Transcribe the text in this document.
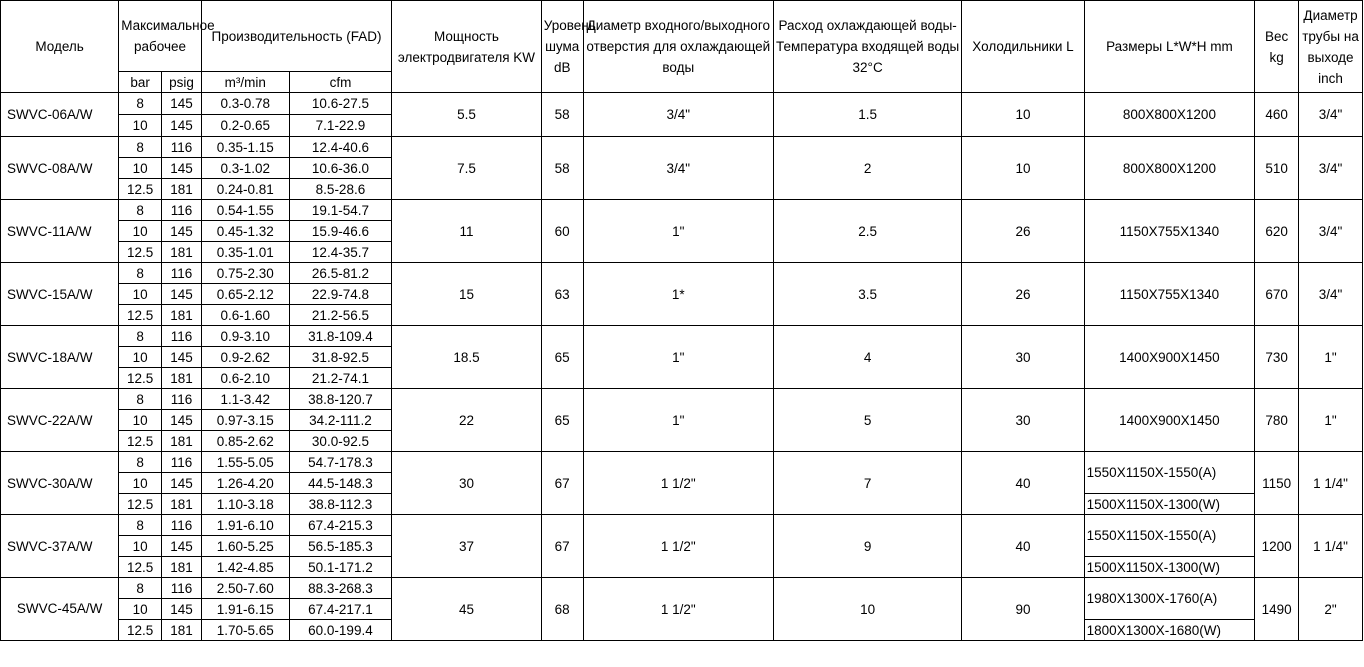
Модель	Максимальное рабочее		Производительность (FAD)		Мощность электродвигателя KW	Уровень шума dB	Диаметр входного/выходного отверстия для охлаждающей воды	Расход охлаждающей воды-Температура входящей воды 32°C	Холодильники L	Размеры L*W*H mm	Вес kg	Диаметр трубы на выходе inch
	bar	psig	m³/min	cfm								
SWVC-06A/W	8	145	0.3-0.78	10.6-27.5	5.5	58	3/4"	1.5	10	800X800X1200	460	3/4"
	10	145	0.2-0.65	7.1-22.9								
SWVC-08A/W	8	116	0.35-1.15	12.4-40.6	7.5	58	3/4"	2	10	800X800X1200	510	3/4"
	10	145	0.3-1.02	10.6-36.0								
	12.5	181	0.24-0.81	8.5-28.6								
SWVC-11A/W	8	116	0.54-1.55	19.1-54.7	11	60	1"	2.5	26	1150X755X1340	620	3/4"
	10	145	0.45-1.32	15.9-46.6								
	12.5	181	0.35-1.01	12.4-35.7								
SWVC-15A/W	8	116	0.75-2.30	26.5-81.2	15	63	1*	3.5	26	1150X755X1340	670	3/4"
	10	145	0.65-2.12	22.9-74.8								
	12.5	181	0.6-1.60	21.2-56.5								
SWVC-18A/W	8	116	0.9-3.10	31.8-109.4	18.5	65	1"	4	30	1400X900X1450	730	1"
	10	145	0.9-2.62	31.8-92.5								
	12.5	181	0.6-2.10	21.2-74.1								
SWVC-22A/W	8	116	1.1-3.42	38.8-120.7	22	65	1"	5	30	1400X900X1450	780	1"
	10	145	0.97-3.15	34.2-111.2								
	12.5	181	0.85-2.62	30.0-92.5								
SWVC-30A/W	8	116	1.55-5.05	54.7-178.3	30	67	1 1/2"	7	40	1550X1150X-1550(A)	1150	1 1/4"
	10	145	1.26-4.20	44.5-148.3								
	12.5	181	1.10-3.18	38.8-112.3						1500X1150X-1300(W)		
SWVC-37A/W	8	116	1.91-6.10	67.4-215.3	37	67	1 1/2"	9	40	1550X1150X-1550(A)	1200	1 1/4"
	10	145	1.60-5.25	56.5-185.3								
	12.5	181	1.42-4.85	50.1-171.2						1500X1150X-1300(W)		
SWVC-45A/W	8	116	2.50-7.60	88.3-268.3	45	68	1 1/2"	10	90	1980X1300X-1760(A)	1490	2"
	10	145	1.91-6.15	67.4-217.1								
	12.5	181	1.70-5.65	60.0-199.4						1800X1300X-1680(W)		
